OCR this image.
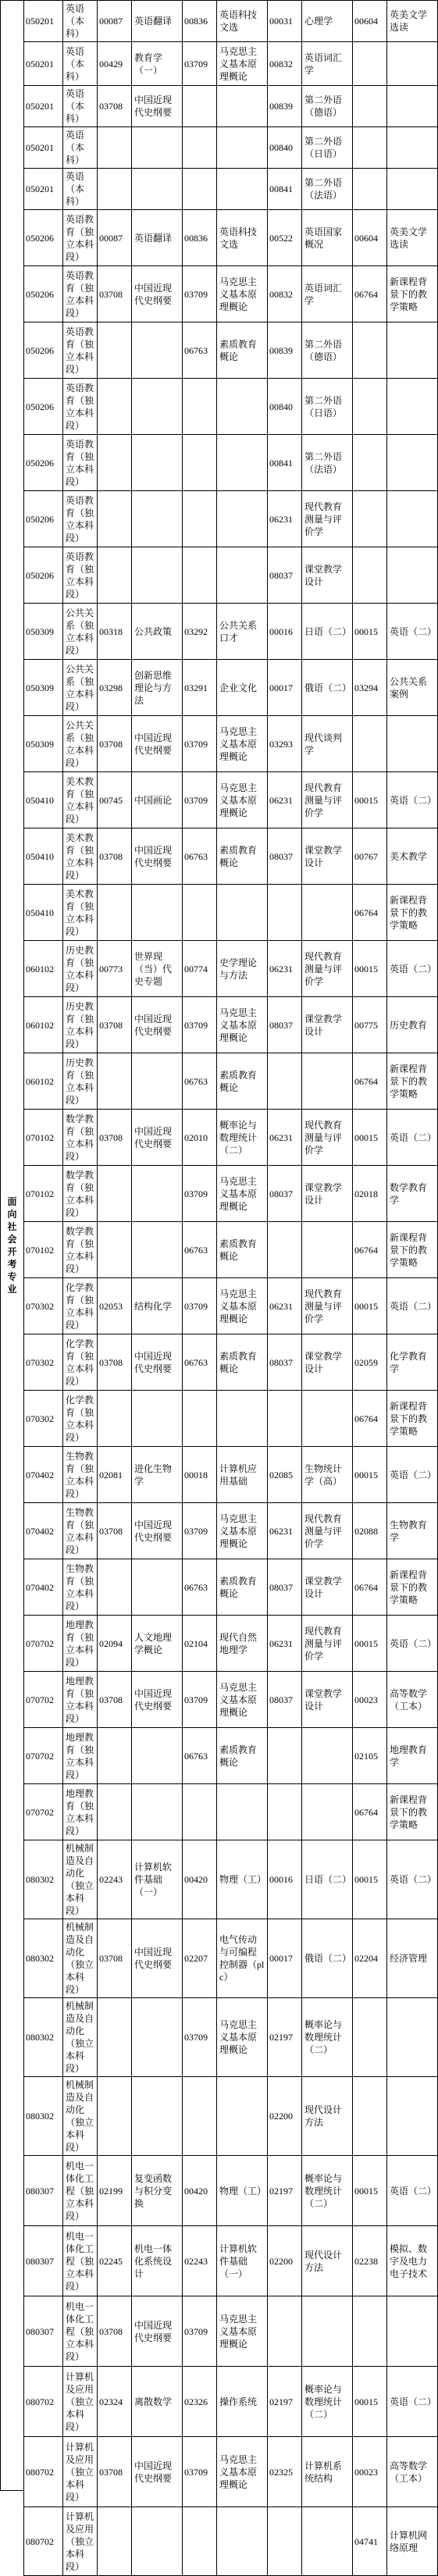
面向社会开考专业
050201	英语（本科）	00087	英语翻译	00836	英语科技文选	00031	心理学	00604	英美文学选读
050201	英语（本科）	00429	教育学（一）	03709	马克思主义基本原理概论	00832	英语词汇学		
050201	英语（本科）	03708	中国近现代史纲要			00839	第二外语（德语）		
050201	英语（本科）					00840	第二外语（日语）		
050201	英语（本科）					00841	第二外语（法语）		
050206	英语教育（独立本科段）	00087	英语翻译	00836	英语科技文选	00522	英语国家概况	00604	英美文学选读
050206	英语教育（独立本科段）	03708	中国近现代史纲要	03709	马克思主义基本原理概论	00832	英语词汇学	06764	新课程背景下的教学策略
050206	英语教育（独立本科段）			06763	素质教育概论	00839	第二外语（德语）		
050206	英语教育（独立本科段）					00840	第二外语（日语）		
050206	英语教育（独立本科段）					00841	第二外语（法语）		
050206	英语教育（独立本科段）					06231	现代教育测量与评价学		
050206	英语教育（独立本科段）					08037	课堂教学设计		
050309	公共关系（独立本科段）	00318	公共政策	03292	公共关系口才	00016	日语（二）	00015	英语（二）
050309	公共关系（独立本科段）	03298	创新思维理论与方法	03291	企业文化	00017	俄语（二）	03294	公共关系案例
050309	公共关系（独立本科段）	03708	中国近现代史纲要	03709	马克思主义基本原理概论	03293	现代谈判学		
050410	美术教育（独立本科段）	00745	中国画论	03709	马克思主义基本原理概论	06231	现代教育测量与评价学	00015	英语（二）
050410	美术教育（独立本科段）	03708	中国近现代史纲要	06763	素质教育概论	08037	课堂教学设计	00767	美术教学
050410	美术教育（独立本科段）							06764	新课程背景下的教学策略
060102	历史教育（独立本科段）	00773	世界现（当）代史专题	00774	史学理论与方法	06231	现代教育测量与评价学	00015	英语（二）
060102	历史教育（独立本科段）	03708	中国近现代史纲要	03709	马克思主义基本原理概论	08037	课堂教学设计	00775	历史教育
060102	历史教育（独立本科段）			06763	素质教育概论			06764	新课程背景下的教学策略
070102	数学教育（独立本科段）	03708	中国近现代史纲要	02010	概率论与数理统计（二）	06231	现代教育测量与评价学	00015	英语（二）
070102	数学教育（独立本科段）			03709	马克思主义基本原理概论	08037	课堂教学设计	02018	数学教育学
070102	数学教育（独立本科段）			06763	素质教育概论			06764	新课程背景下的教学策略
070302	化学教育（独立本科段）	02053	结构化学	03709	马克思主义基本原理概论	06231	现代教育测量与评价学	00015	英语（二）
070302	化学教育（独立本科段）	03708	中国近现代史纲要	06763	素质教育概论	08037	课堂教学设计	02059	化学教育学
070302	化学教育（独立本科段）							06764	新课程背景下的教学策略
070402	生物教育（独立本科段）	02081	进化生物学	00018	计算机应用基础	02085	生物统计学（高）	00015	英语（二）
070402	生物教育（独立本科段）	03708	中国近现代史纲要	03709	马克思主义基本原理概论	06231	现代教育测量与评价学	02088	生物教育学
070402	生物教育（独立本科段）			06763	素质教育概论	08037	课堂教学设计	06764	新课程背景下的教学策略
070702	地理教育（独立本科段）	02094	人文地理学概论	02104	现代自然地理学	06231	现代教育测量与评价学	00015	英语（二）
070702	地理教育（独立本科段）	03708	中国近现代史纲要	03709	马克思主义基本原理概论	08037	课堂教学设计	00023	高等数学（工本）
070702	地理教育（独立本科段）			06763	素质教育概论			02105	地理教育学
070702	地理教育（独立本科段）							06764	新课程背景下的教学策略
080302	机械制造及自动化（独立本科段）	02243	计算机软件基础（一）	00420	物理（工）	00016	日语（二）	00015	英语（二）
080302	机械制造及自动化（独立本科段）	03708	中国近现代史纲要	02207	电气传动与可编程控制器（plc）	00017	俄语（二）	02204	经济管理
080302	机械制造及自动化（独立本科段）			03709	马克思主义基本原理概论	02197	概率论与数理统计（二）		
080302	机械制造及自动化（独立本科段）					02200	现代设计方法		
080307	机电一体化工程（独立本科段）	02199	复变函数与积分变换	00420	物理（工）	02197	概率论与数理统计（二）	00015	英语（二）
080307	机电一体化工程（独立本科段）	02245	机电一体化系统设计	02243	计算机软件基础（一）	02200	现代设计方法	02238	模拟、数字及电力电子技术
080307	机电一体化工程（独立本科段）	03708	中国近现代史纲要	03709	马克思主义基本原理概论				
080702	计算机及应用（独立本科段）	02324	离散数学	02326	操作系统	02197	概率论与数理统计（二）	00015	英语（二）
080702	计算机及应用（独立本科段）	03708	中国近现代史纲要	03709	马克思主义基本原理概论	02325	计算机系统结构	00023	高等数学（工本）
080702	计算机及应用（独立本科段）							04741	计算机网络原理
